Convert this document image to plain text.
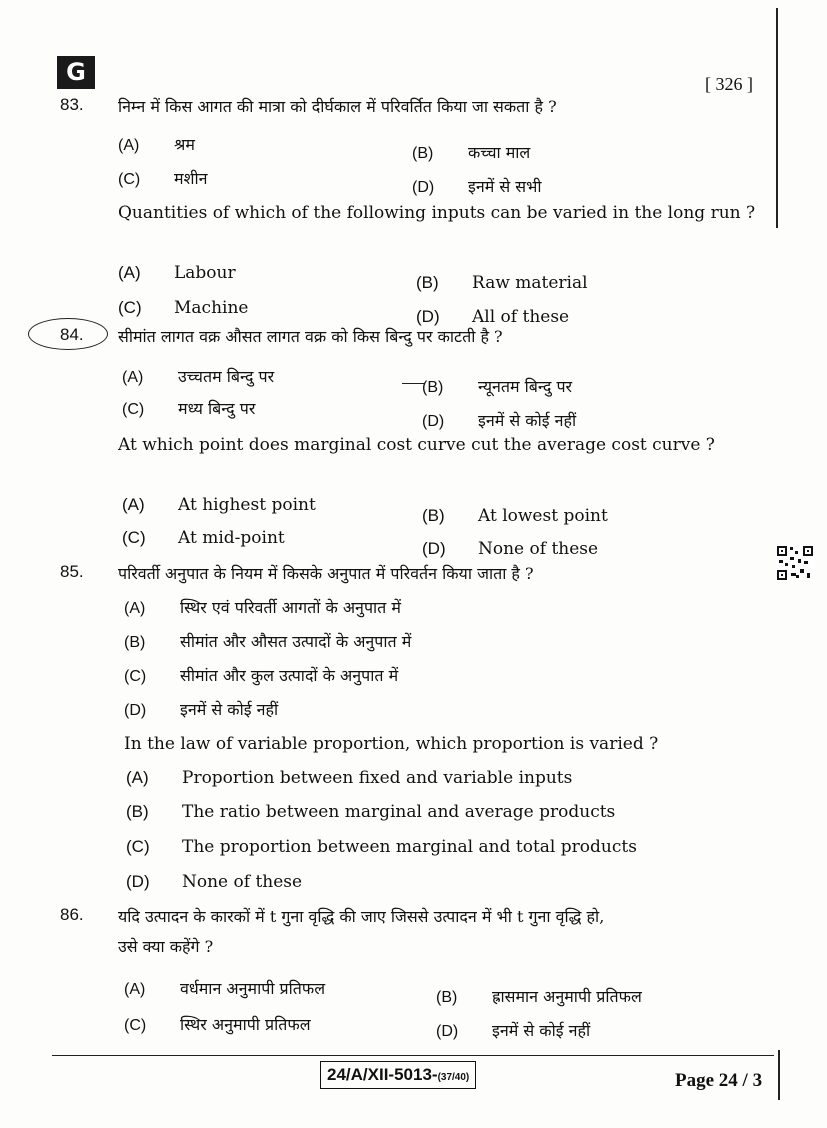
G	[ 326 ]
83. निम्न में किस आगत की मात्रा को दीर्घकाल में परिवर्तित किया जा सकता है ?
(A) श्रम	(B) कच्चा माल
(C) मशीन	(D) इनमें से सभी
Quantities of which of the following inputs can be varied in the long run ?
(A) Labour	(B) Raw material
(C) Machine	(D) All of these
84. सीमांत लागत वक्र औसत लागत वक्र को किस बिन्दु पर काटती है ?
(A) उच्चतम बिन्दु पर
(B) न्यूनतम बिन्दु पर
(C) मध्य बिन्दु पर
(D) इनमें से कोई नहीं
At which point does marginal cost curve cut the average cost curve ?
(A) At highest point
(B) At lowest point
(C) At mid-point
(D) None of these
85. परिवर्ती अनुपात के नियम में किसके अनुपात में परिवर्तन किया जाता है ?
(A) स्थिर एवं परिवर्ती आगतों के अनुपात में
(B) सीमांत और औसत उत्पादों के अनुपात में
(C) सीमांत और कुल उत्पादों के अनुपात में
(D) इनमें से कोई नहीं
In the law of variable proportion, which proportion is varied ?
(A) Proportion between fixed and variable inputs
(B) The ratio between marginal and average products
(C) The proportion between marginal and total products
(D) None of these
86. यदि उत्पादन के कारकों में t गुना वृद्धि की जाए जिससे उत्पादन में भी t गुना वृद्धि हो,
उसे क्या कहेंगे ?
(A) वर्धमान अनुमापी प्रतिफल	(B) ह्रासमान अनुमापी प्रतिफल
(C) स्थिर अनुमापी प्रतिफल	(D) इनमें से कोई नहीं
24/A/XII-5013-(37/40)	Page 24 / 3
